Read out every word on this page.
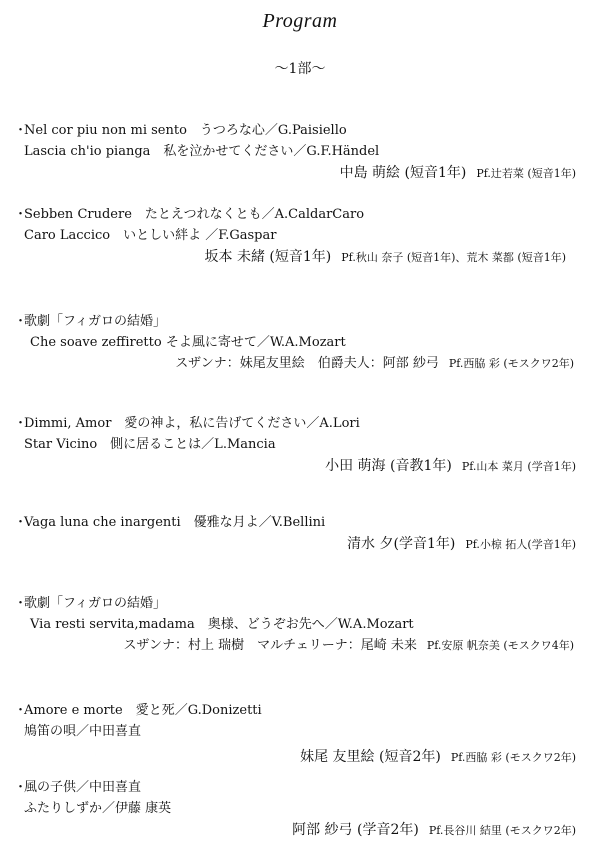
Program
〜1部〜
・Nel cor piu non mi sento　うつろな心／G.Paisiello
Lascia ch'io pianga　私を泣かせてください／G.F.Händel
中島 萌絵 (短音1年) Pf.辻若菜 (短音1年)
・Sebben Crudere　たとえつれなくとも／A.CaldarCaro
Caro Laccico　いとしい絆よ ／F.Gaspar
坂本 未緒 (短音1年) Pf.秋山 奈子 (短音1年)、荒木 菜都 (短音1年)
・歌劇「フィガロの結婚」
Che soave zeffiretto そよ風に寄せて／W.A.Mozart
スザンナ：妹尾友里絵　伯爵夫人：阿部 紗弓 Pf.西脇 彩 (モスクワ2年)
・Dimmi, Amor　愛の神よ，私に告げてください／A.Lori
Star Vicino　側に居ることは／L.Mancia
小田 萌海 (音教1年) Pf.山本 菜月 (学音1年)
・Vaga luna che inargenti　優雅な月よ／V.Bellini
清水 夕(学音1年) Pf.小椋 拓人(学音1年)
・歌劇「フィガロの結婚」
Via resti servita,madama　奥様、どうぞお先へ／W.A.Mozart
スザンナ：村上 瑞樹　マルチェリーナ：尾崎 未来 Pf.安原 帆奈美 (モスクワ4年)
・Amore e morte　愛と死／G.Donizetti
鳩笛の唄／中田喜直
妹尾 友里絵 (短音2年) Pf.西脇 彩 (モスクワ2年)
・風の子供／中田喜直
ふたりしずか／伊藤 康英
阿部 紗弓 (学音2年) Pf.長谷川 結里 (モスクワ2年)
